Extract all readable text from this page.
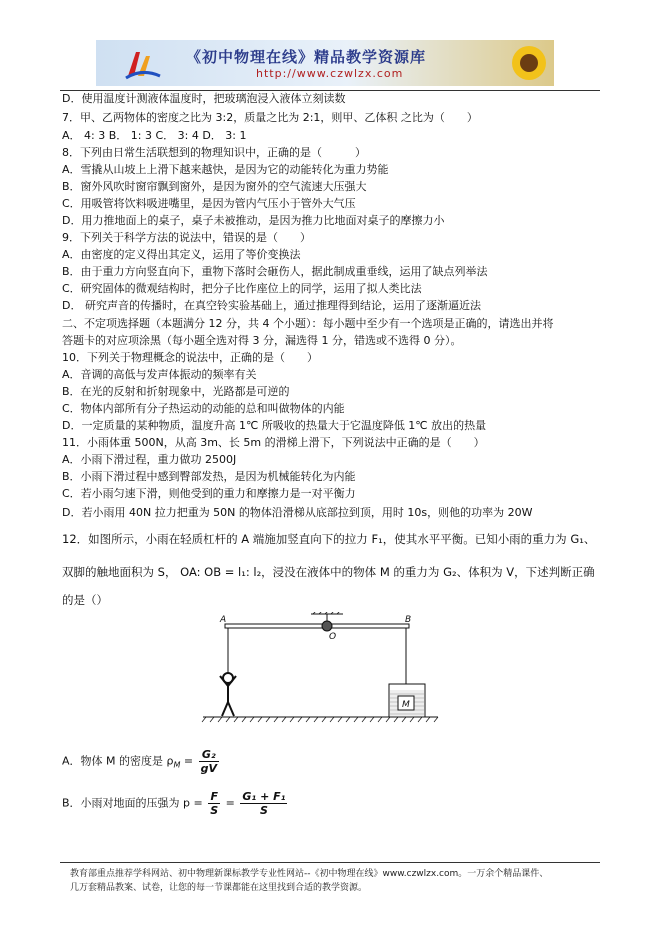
《初中物理在线》精品教学资源库
http://www.czwlzx.com
D．使用温度计测液体温度时，把玻璃泡浸入液体立刻读数
7．甲、乙两物体的密度之比为 3:2，质量之比为 2:1，则甲、乙体积 之比为（　　）
A． 4: 3 B． 1: 3 C． 3: 4 D． 3: 1
8．下列由日常生活联想到的物理知识中，正确的是（　　　）
A．雪撬从山坡上上滑下越来越快，是因为它的动能转化为重力势能
B．窗外风吹时窗帘飘到窗外，是因为窗外的空气流速大压强大
C．用吸管将饮料吸进嘴里，是因为管内气压小于管外大气压
D．用力推地面上的桌子，桌子未被推动，是因为推力比地面对桌子的摩擦力小
9．下列关于科学方法的说法中，错误的是（　　）
A．由密度的定义得出其定义，运用了等价变换法
B．由于重力方向竖直向下，重物下落时会砸伤人，据此制成重垂线，运用了缺点列举法
C．研究固体的微观结构时，把分子比作座位上的同学，运用了拟人类比法
D． 研究声音的传播时，在真空铃实验基础上，通过推理得到结论，运用了逐渐逼近法
二、不定项选择题（本题满分 12 分，共 4 个小题）：每小题中至少有一个选项是正确的，请选出并将
答题卡的对应项涂黑（每小题全选对得 3 分，漏选得 1 分，错选或不选得 0 分）。
10．下列关于物理概念的说法中，正确的是（　　）
A．音调的高低与发声体振动的频率有关
B．在光的反射和折射现象中，光路都是可逆的
C．物体内部所有分子热运动的动能的总和叫做物体的内能
D．一定质量的某种物质，温度升高 1℃ 所吸收的热量大于它温度降低 1℃ 放出的热量
11．小雨体重 500N，从高 3m、长 5m 的滑梯上滑下，下列说法中正确的是（　　）
A．小雨下滑过程，重力做功 2500J
B．小雨下滑过程中感到臀部发热，是因为机械能转化为内能
C．若小雨匀速下滑，则他受到的重力和摩擦力是一对平衡力
D．若小雨用 40N 拉力把重为 50N 的物体沿滑梯从底部拉到顶，用时 10s，则他的功率为 20W
12．如图所示，小雨在轻质杠杆的 A 端施加竖直向下的拉力 F₁，使其水平平衡。已知小雨的重力为 G₁、
双脚的触地面积为 S， OA: OB = l₁: l₂，浸没在液体中的物体 M 的重力为 G₂、体积为 V，下述判断正确
的是（）
A
O
B
M
A．物体 M 的密度是 $\rho_M = \frac{\text{G₂}}{gV}$
B．小雨对地面的压强为 $p = \frac{F}{S} = \frac{\text{G₁ + F₁}}{S}$
教育部重点推荐学科网站、初中物理新课标教学专业性网站--《初中物理在线》www.czwlzx.com。一万余个精品课件、
几万套精品教案、试卷，让您的每一节课都能在这里找到合适的教学资源。
